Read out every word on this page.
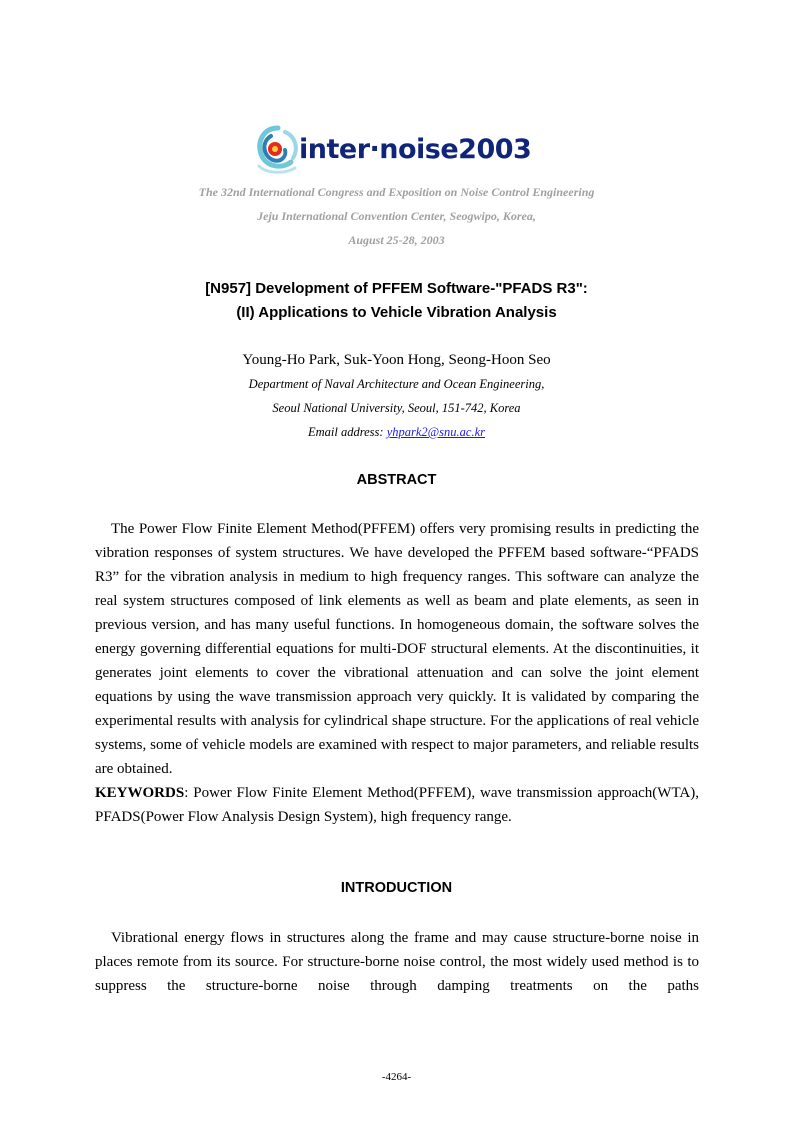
inter·noise2003
The 32nd International Congress and Exposition on Noise Control Engineering
Jeju International Convention Center, Seogwipo, Korea,
August 25-28, 2003
[N957] Development of PFFEM Software-"PFADS R3":
(II) Applications to Vehicle Vibration Analysis
Young-Ho Park, Suk-Yoon Hong, Seong-Hoon Seo
Department of Naval Architecture and Ocean Engineering,
Seoul National University, Seoul, 151-742, Korea
Email address: yhpark2@snu.ac.kr
ABSTRACT

The Power Flow Finite Element Method(PFFEM) offers very promising results in predicting the vibration responses of system structures. We have developed the PFFEM based software-“PFADS R3” for the vibration analysis in medium to high frequency ranges. This software can analyze the real system structures composed of link elements as well as beam and plate elements, as seen in previous version, and has many useful functions. In homogeneous domain, the software solves the energy governing differential equations for multi-DOF structural elements. At the discontinuities, it generates joint elements to cover the vibrational attenuation and can solve the joint element equations by using the wave transmission approach very quickly. It is validated by comparing the experimental results with analysis for cylindrical shape structure. For the applications of real vehicle systems, some of vehicle models are examined with respect to major parameters, and reliable results are obtained.

KEYWORDS: Power Flow Finite Element Method(PFFEM), wave transmission approach(WTA), PFADS(Power Flow Analysis Design System), high frequency range.

INTRODUCTION

Vibrational energy flows in structures along the frame and may cause structure-borne noise in places remote from its source. For structure-borne noise control, the most widely used method is to suppress the structure-borne noise through damping treatments on the paths

-4264-
